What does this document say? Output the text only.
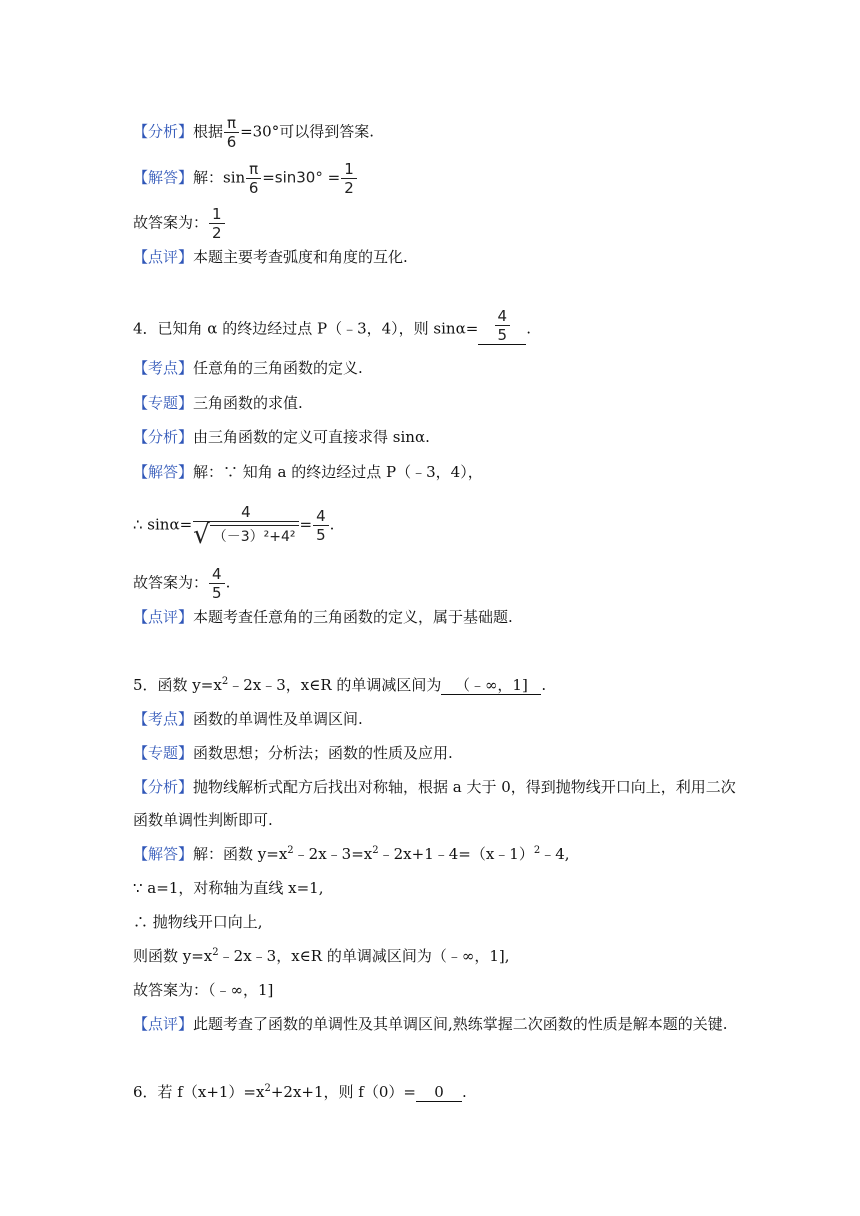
【分析】根据 $\frac{\pi}{6} =30^\circ$可以得到答案.
【解答】解：$\sin \frac{\pi}{6} =\sin 30^\circ = \frac{1}{2}$
故答案为： $\frac{1}{2}$
【点评】本题主要考查弧度和角度的互化.
4．已知角 α 的终边经过点 P（﹣3，4），则 $\sin\alpha= \frac{4}{5}$ .
【考点】任意角的三角函数的定义.
【专题】三角函数的求值.
【分析】由三角函数的定义可直接求得 sinα.
【解答】解：∵ 知角 a 的终边经过点 P（﹣3，4），
∴ $\sin\alpha= \frac{4}{\text{√ （－3）²+4²}} = \frac{4}{5}$ .
故答案为： $\frac{4}{5}$ .
【点评】本题考查任意角的三角函数的定义，属于基础题.
5．函数 $y=x^2﹣2x﹣3$，x∈R 的单调减区间为 （﹣∞，1] .
【考点】函数的单调性及单调区间.
【专题】函数思想；分析法；函数的性质及应用.
【分析】抛物线解析式配方后找出对称轴，根据 a 大于 0，得到抛物线开口向上，利用二次
函数单调性判断即可.
【解答】解：函数 $y=x^2﹣2x﹣3=x^2﹣2x+1﹣4=(x﹣1)^2﹣4$,
∵ a=1，对称轴为直线 x=1,
∴ 抛物线开口向上,
则函数 $y=x^2﹣2x﹣3$，x∈R 的单调减区间为（﹣∞，1],
故答案为：（﹣∞，1]
【点评】此题考查了函数的单调性及其单调区间,熟练掌握二次函数的性质是解本题的关键.
6．若 $f(x+1)=x^2+2x+1$，则 f（0）= 0 .
